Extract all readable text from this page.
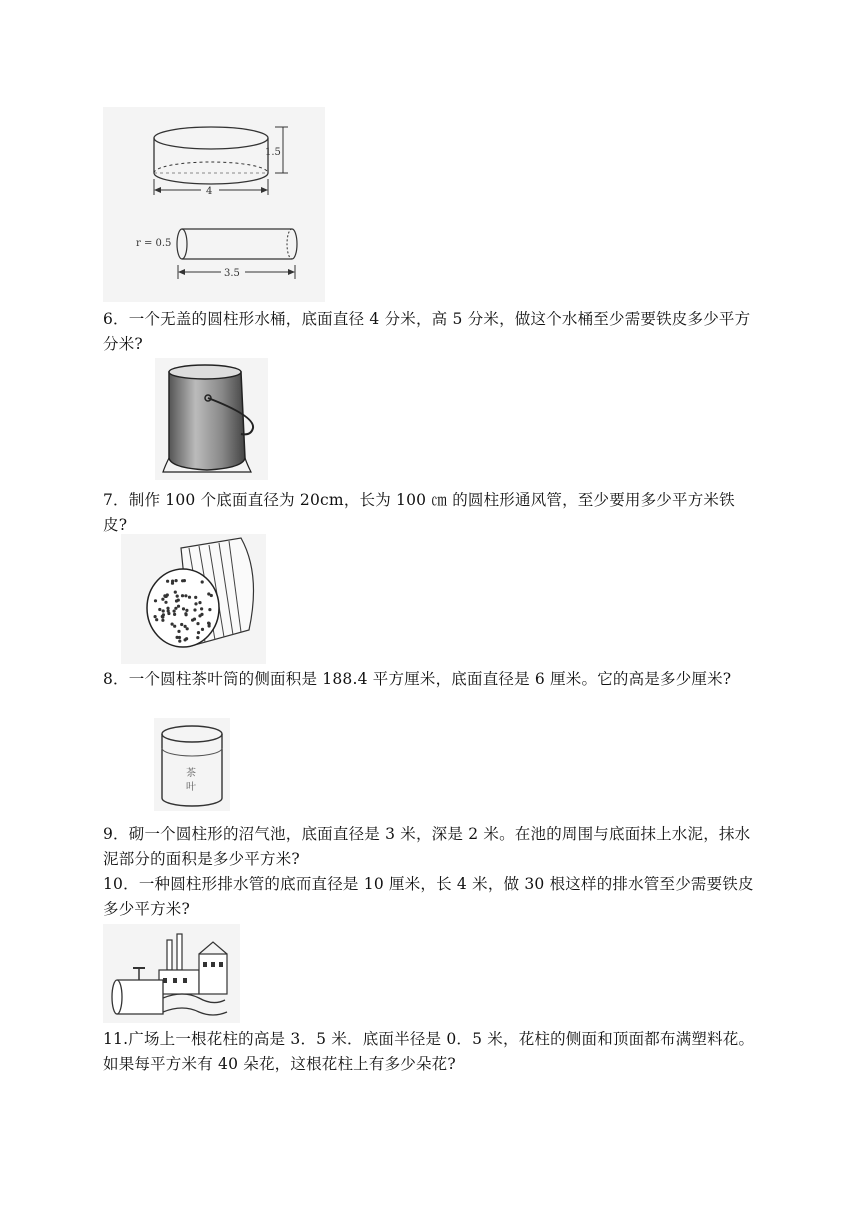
1.5
4
r = 0.5
3.5

6．一个无盖的圆柱形水桶，底面直径 4 分米，高 5 分米，做这个水桶至少需要铁皮多少平方分米?

7．制作 100 个底面直径为 20cm，长为 100 ㎝ 的圆柱形通风管，至少要用多少平方米铁皮?

8．一个圆柱茶叶筒的侧面积是 188.4 平方厘米，底面直径是 6 厘米。它的高是多少厘米?

茶
叶

9．砌一个圆柱形的沼气池，底面直径是 3 米，深是 2 米。在池的周围与底面抹上水泥，抹水泥部分的面积是多少平方米?

10．一种圆柱形排水管的底而直径是 10 厘米，长 4 米，做 30 根这样的排水管至少需要铁皮多少平方米?

11.广场上一根花柱的高是 3．5 米．底面半径是 0．5 米，花柱的侧面和顶面都布满塑料花。如果每平方米有 40 朵花，这根花柱上有多少朵花?
